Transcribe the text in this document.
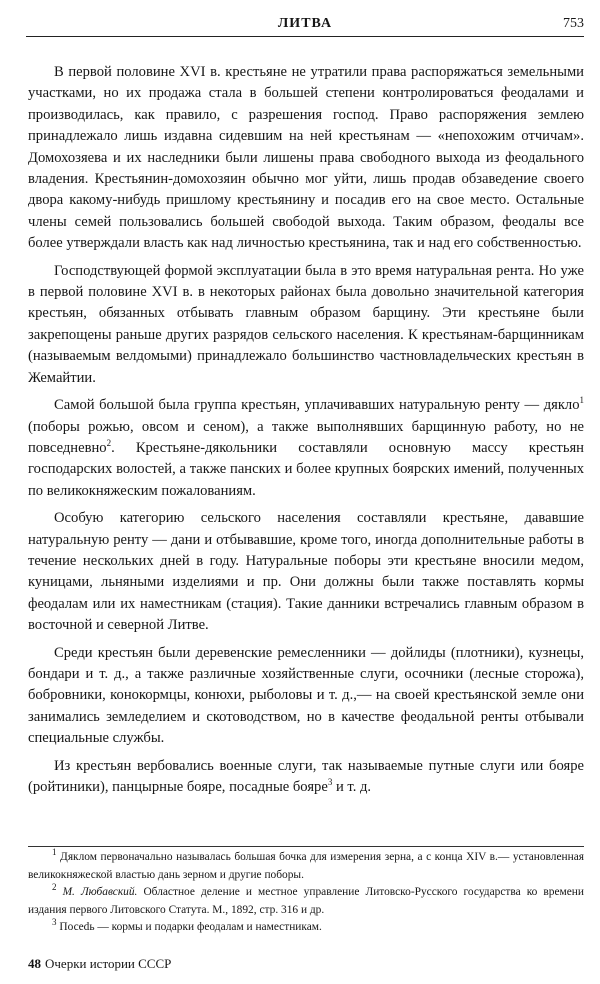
ЛИТВА	753

В первой половине XVI в. крестьяне не утратили права распоряжаться земельными участками, но их продажа стала в большей степени контролироваться феодалами и производилась, как правило, с разрешения господ. Право распоряжения землею принадлежало лишь издавна сидевшим на ней крестьянам — «непохожим отчичам». Домохозяева и их наследники были лишены права свободного выхода из феодального владения. Крестьянин-домохозяин обычно мог уйти, лишь продав обзаведение своего двора какому-нибудь пришлому крестьянину и посадив его на свое место. Остальные члены семей пользовались большей свободой выхода. Таким образом, феодалы все более утверждали власть как над личностью крестьянина, так и над его собственностью.

Господствующей формой эксплуатации была в это время натуральная рента. Но уже в первой половине XVI в. в некоторых районах была довольно значительной категория крестьян, обязанных отбывать главным образом барщину. Эти крестьяне были закрепощены раньше других разрядов сельского населения. К крестьянам-барщинникам (называемым велдомыми) принадлежало большинство частновладельческих крестьян в Жемайтии.

Самой большой была группа крестьян, уплачивавших натуральную ренту — дякло$^1$ (поборы рожью, овсом и сеном), а также выполнявших барщинную работу, но не повседневно$^2$. Крестьяне-дякольники составляли основную массу крестьян господарских волостей, а также панских и более крупных боярских имений, полученных по великокняжеским пожалованиям.

Особую категорию сельского населения составляли крестьяне, дававшие натуральную ренту — дани и отбывавшие, кроме того, иногда дополнительные работы в течение нескольких дней в году. Натуральные поборы эти крестьяне вносили медом, куницами, льняными изделиями и пр. Они должны были также поставлять кормы феодалам или их наместникам (стация). Такие данники встречались главным образом в восточной и северной Литве.

Среди крестьян были деревенские ремесленники — дойлиды (плотники), кузнецы, бондари и т. д., а также различные хозяйственные слуги, осочники (лесные сторожа), бобровники, конокормцы, конюхи, рыболовы и т. д.,— на своей крестьянской земле они занимались земледелием и скотоводством, но в качестве феодальной ренты отбывали специальные службы.

Из крестьян вербовались военные слуги, так называемые путные слуги или бояре (ройтиники), панцырные бояре, посадные бояре$^3$ и т. д.

$^1$ Дяклом первоначально называлась большая бочка для измерения зерна, а с конца XIV в.— установленная великокняжеской властью дань зерном и другие поборы.

$^2$ М. Любавский. Областное деление и местное управление Литовско-Русского государства ко времени издания первого Литовского Статута. М., 1892, стр. 316 и др.

$^3$ Посedь — кормы и подарки феодалам и наместникам.

48 Очерки истории СССР
